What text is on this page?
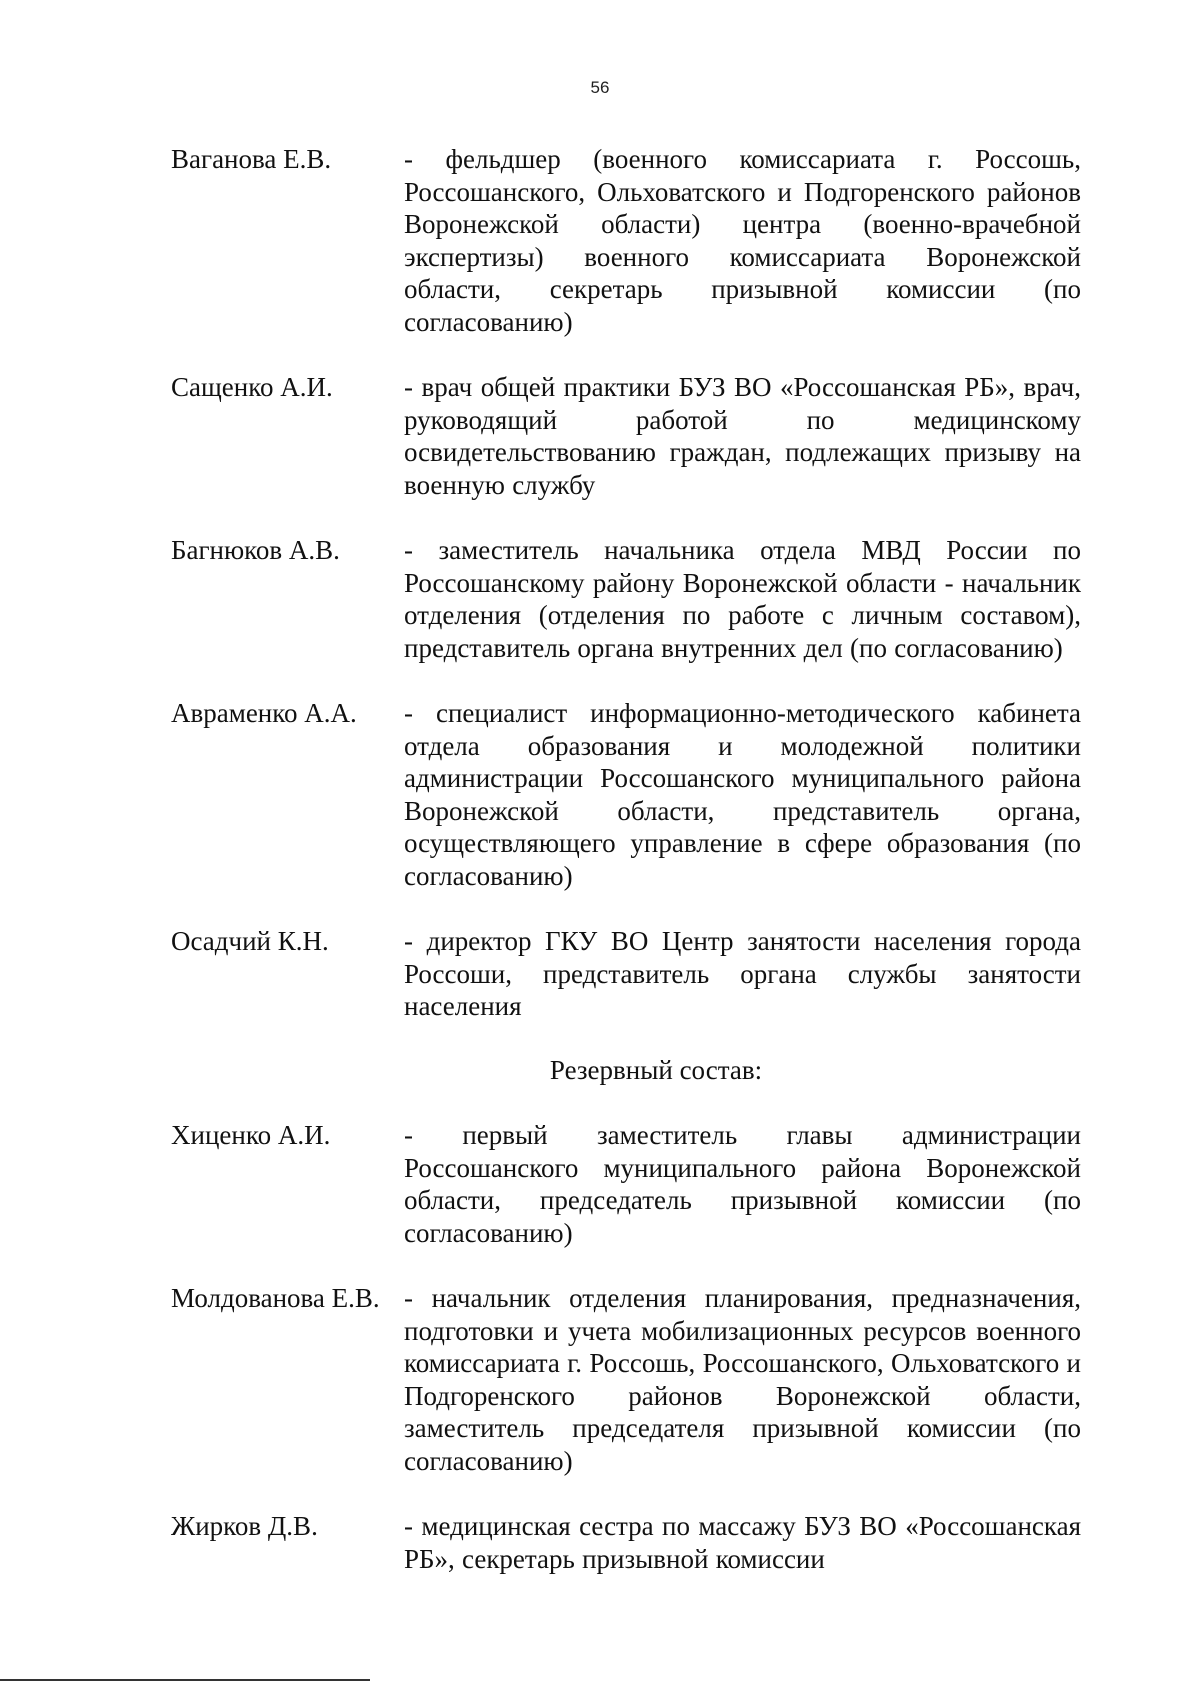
56
Ваганова Е.В.	- фельдшер (военного комиссариата г. Россошь, Россошанского, Ольховатского и Подгоренского районов Воронежской области) центра (военно-врачебной экспертизы) военного комиссариата Воронежской области, секретарь призывной комиссии (по согласованию)
Сащенко А.И.	- врач общей практики БУЗ ВО «Россошанская РБ», врач, руководящий работой по медицинскому освидетельствованию граждан, подлежащих призыву на военную службу
Багнюков А.В.	- заместитель начальника отдела МВД России по Россошанскому району Воронежской области - начальник отделения (отделения по работе с личным составом), представитель органа внутренних дел (по согласованию)
Авраменко А.А.	- специалист информационно-методического кабинета отдела образования и молодежной политики администрации Россошанского муниципального района Воронежской области, представитель органа, осуществляющего управление в сфере образования (по согласованию)
Осадчий К.Н.	- директор ГКУ ВО Центр занятости населения города Россоши, представитель органа службы занятости населения
Резервный состав:
Хиценко А.И.	- первый заместитель главы администрации Россошанского муниципального района Воронежской области, председатель призывной комиссии (по согласованию)
Молдованова Е.В. - начальник отделения планирования, предназначения, подготовки и учета мобилизационных ресурсов военного комиссариата г. Россошь, Россошанского, Ольховатского и Подгоренского районов Воронежской области, заместитель председателя призывной комиссии (по согласованию)
Жирков Д.В.	- медицинская сестра по массажу БУЗ ВО «Россошанская РБ», секретарь призывной комиссии
